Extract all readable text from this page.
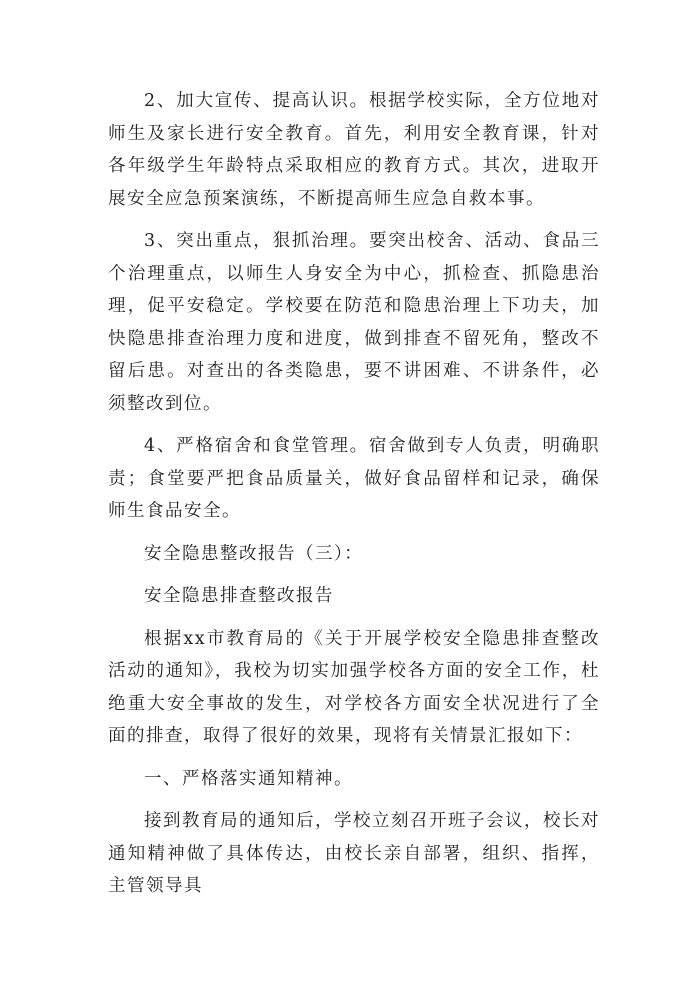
2、加大宣传、提高认识。根据学校实际，全方位地对师生及家长进行安全教育。首先，利用安全教育课，针对各年级学生年龄特点采取相应的教育方式。其次，进取开展安全应急预案演练，不断提高师生应急自救本事。

3、突出重点，狠抓治理。要突出校舍、活动、食品三个治理重点，以师生人身安全为中心，抓检查、抓隐患治理，促平安稳定。学校要在防范和隐患治理上下功夫，加快隐患排查治理力度和进度，做到排查不留死角，整改不留后患。对查出的各类隐患，要不讲困难、不讲条件，必须整改到位。

4、严格宿舍和食堂管理。宿舍做到专人负责，明确职责；食堂要严把食品质量关，做好食品留样和记录，确保师生食品安全。

安全隐患整改报告（三）：

安全隐患排查整改报告

根据xx市教育局的《关于开展学校安全隐患排查整改活动的通知》，我校为切实加强学校各方面的安全工作，杜绝重大安全事故的发生，对学校各方面安全状况进行了全面的排查，取得了很好的效果，现将有关情景汇报如下：

一、严格落实通知精神。

接到教育局的通知后，学校立刻召开班子会议，校长对通知精神做了具体传达，由校长亲自部署，组织、指挥，主管领导具
